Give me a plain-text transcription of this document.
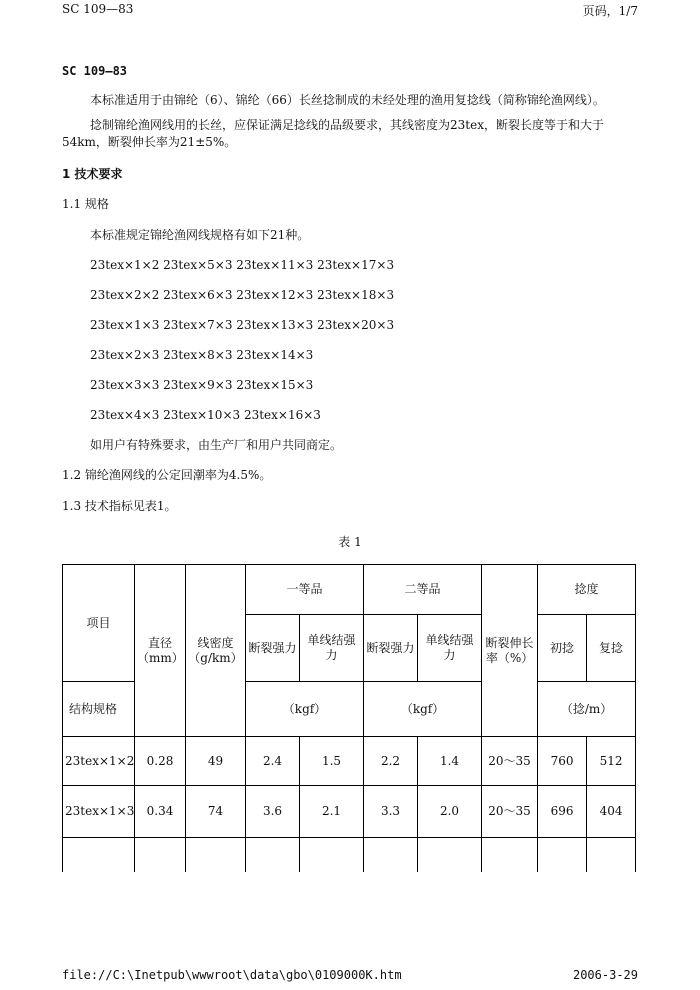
SC 109—83	页码，1/7
SC 109—83

本标准适用于由锦纶（6）、锦纶（66）长丝捻制成的未经处理的渔用复捻线（简称锦纶渔网线）。

捻制锦纶渔网线用的长丝，应保证满足捻线的品级要求，其线密度为23tex，断裂长度等于和大于54km，断裂伸长率为21±5%。

1 技术要求

1.1 规格

本标准规定锦纶渔网线规格有如下21种。

23tex×1×2 23tex×5×3 23tex×11×3 23tex×17×3

23tex×2×2 23tex×6×3 23tex×12×3 23tex×18×3

23tex×1×3 23tex×7×3 23tex×13×3 23tex×20×3

23tex×2×3 23tex×8×3 23tex×14×3

23tex×3×3 23tex×9×3 23tex×15×3

23tex×4×3 23tex×10×3 23tex×16×3

如用户有特殊要求，由生产厂和用户共同商定。

1.2 锦纶渔网线的公定回潮率为4.5%。

1.3 技术指标见表1。

表 1
项目	直径（mm）	线密度（g/km）	一等品		二等品		断裂伸长率（%）	捻度	
			断裂强力	单线结强力	断裂强力	单线结强力		初捻	复捻
结构规格			（kgf）		（kgf）			（捻/m）	
23tex×1×2	0.28	49	2.4	1.5	2.2	1.4	20～35	760	512
23tex×1×3	0.34	74	3.6	2.1	3.3	2.0	20～35	696	404

file://C:\Inetpub\wwwroot\data\gbo\0109000K.htm	2006-3-29
